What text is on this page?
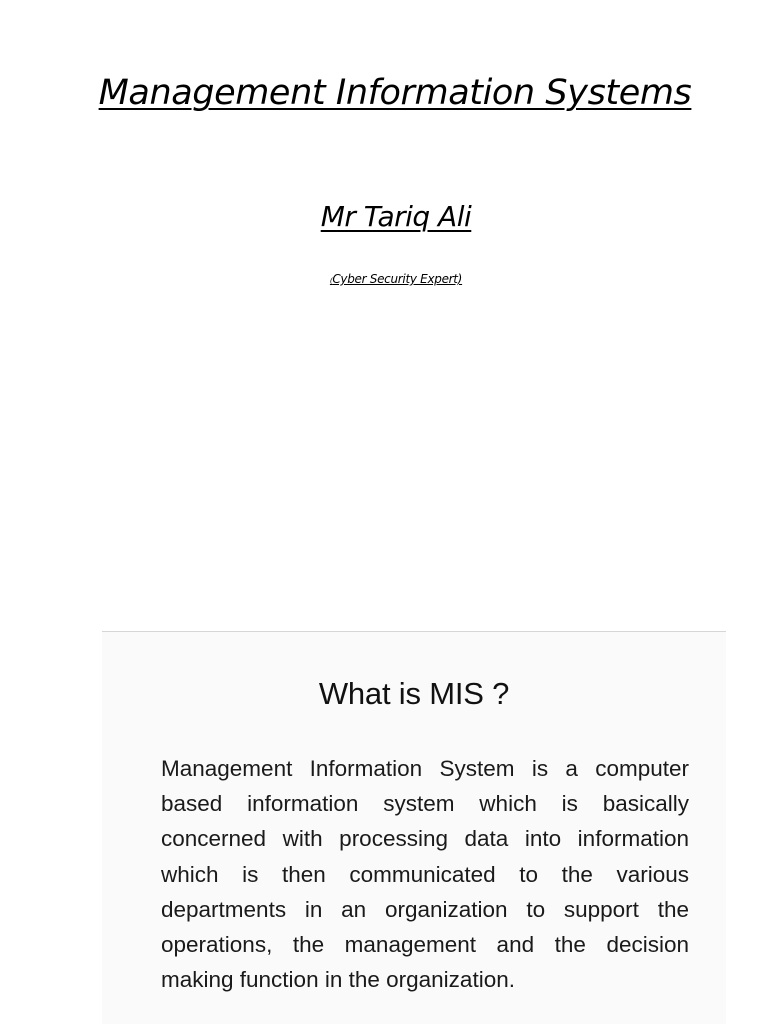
Management Information Systems
Mr Tariq Ali
(Cyber Security Expert)
What is MIS ?
Management Information System is a computer based information system which is basically concerned with processing data into information which is then communicated to the various departments in an organization to support the operations, the management and the decision making function in the organization.
